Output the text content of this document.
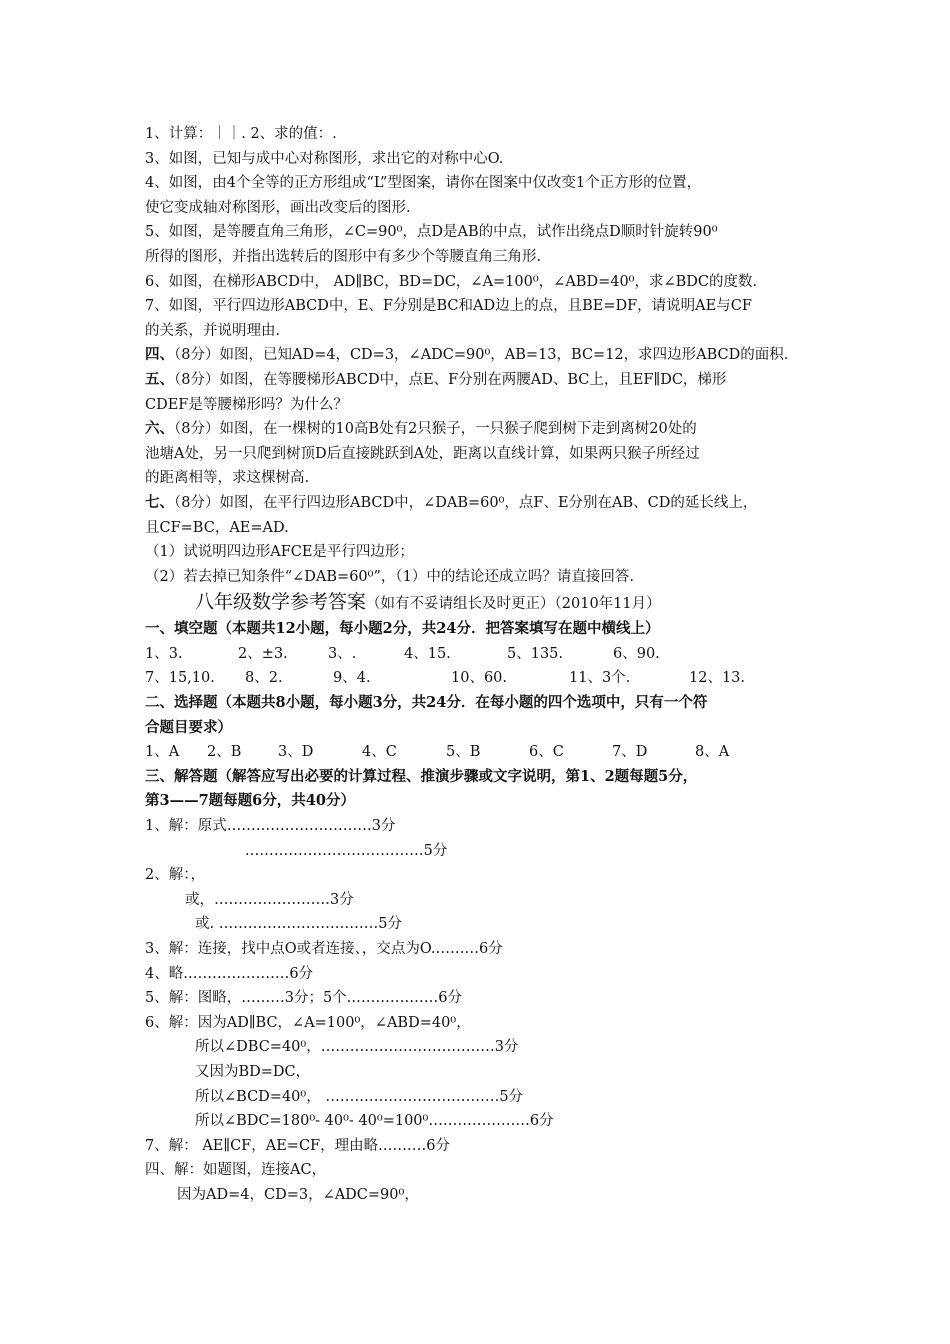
1、计算：｜｜. 2、求的值：.
3、如图，已知与成中心对称图形，求出它的对称中心O.
4、如图，由4个全等的正方形组成“L”型图案，请你在图案中仅改变1个正方形的位置，
使它变成轴对称图形，画出改变后的图形.
5、如图，是等腰直角三角形，∠C=90⁰，点D是AB的中点，试作出绕点D顺时针旋转90⁰
所得的图形，并指出选转后的图形中有多少个等腰直角三角形.
6、如图，在梯形ABCD中， AD∥BC，BD=DC，∠A=100⁰，∠ABD=40⁰，求∠BDC的度数.
7、如图，平行四边形ABCD中，E、F分别是BC和AD边上的点，且BE=DF，请说明AE与CF
的关系，并说明理由.
四、（8分）如图，已知AD=4，CD=3，∠ADC=90⁰，AB=13，BC=12，求四边形ABCD的面积.
五、（8分）如图，在等腰梯形ABCD中，点E、F分别在两腰AD、BC上，且EF∥DC，梯形
CDEF是等腰梯形吗？为什么？
六、（8分）如图，在一棵树的10高B处有2只猴子，一只猴子爬到树下走到离树20处的
池塘A处，另一只爬到树顶D后直接跳跃到A处，距离以直线计算，如果两只猴子所经过
的距离相等，求这棵树高.
七、（8分）如图，在平行四边形ABCD中，∠DAB=60⁰，点F、E分别在AB、CD的延长线上，
且CF=BC，AE=AD.
（1）试说明四边形AFCE是平行四边形；
（2）若去掉已知条件“∠DAB=60⁰”，（1）中的结论还成立吗？请直接回答.
八年级数学参考答案（如有不妥请组长及时更正）（2010年11月）
一、填空题（本题共12小题，每小题2分，共24分．把答案填写在题中横线上）
1、3.	2、±3.	3、.	4、15.	5、135.	6、90.
7、15,10. 8、2.	9、4.	10、60.	11、3个.	12、13.
二、选择题（本题共8小题，每小题3分，共24分．在每小题的四个选项中，只有一个符
合题目要求）
1、A 2、B	3、D	4、C	5、B	6、C	7、D	8、A
三、解答题（解答应写出必要的计算过程、推演步骤或文字说明，第1、2题每题5分，
第3——7题每题6分，共40分）
1、解：原式…………………………3分
.………………………………5分
2、解：，
或，……………………3分
或. ……………………………5分
3、解：连接，找中点O或者连接、，交点为O.………6分
4、略.…………………6分
5、解：图略，………3分；5个.………………6分
6、解：因为AD∥BC，∠A=100⁰，∠ABD=40⁰，
所以∠DBC=40⁰，………………………………3分
又因为BD=DC，
所以∠BCD=40⁰， ………………………………5分
所以∠BDC=180⁰- 40⁰- 40⁰=100⁰…………………6分
7、解： AE∥CF，AE=CF，理由略.………6分
四、解：如题图，连接AC，
因为AD=4，CD=3，∠ADC=90⁰，
